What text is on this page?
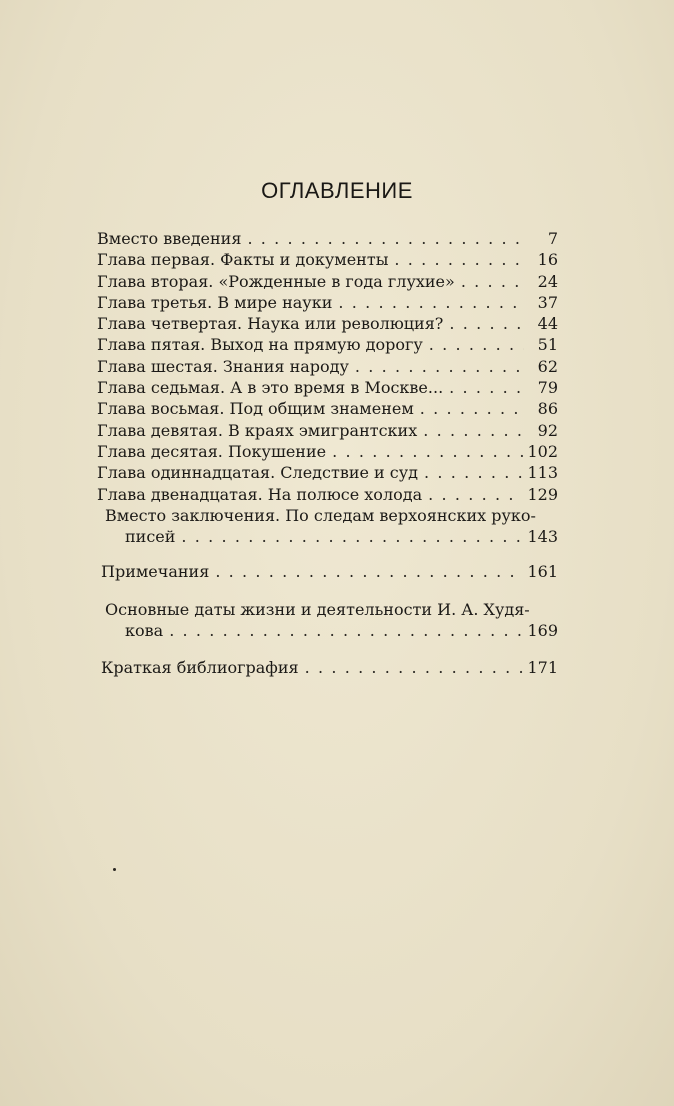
ОГЛАВЛЕНИЕ
Вместо введения . . .	7
Глава первая. Факты и документы . . .	16
Глава вторая. «Рожденные в года глухие» . . .	24
Глава третья. В мире науки . . .	37
Глава четвертая. Наука или революция? . . .	44
Глава пятая. Выход на прямую дорогу . . .	51
Глава шестая. Знания народу . . .	62
Глава седьмая. А в это время в Москве... . . .	79
Глава восьмая. Под общим знаменем . . .	86
Глава девятая. В краях эмигрантских . . .	92
Глава десятая. Покушение . . .	102
Глава одиннадцатая. Следствие и суд . . .	113
Глава двенадцатая. На полюсе холода . . .	129
Вместо заключения. По следам верхоянских руко-
писей . . .	143
Примечания . . .	161
Основные даты жизни и деятельности И. А. Худя-
кова . . .	169
Краткая библиография . . .	171
